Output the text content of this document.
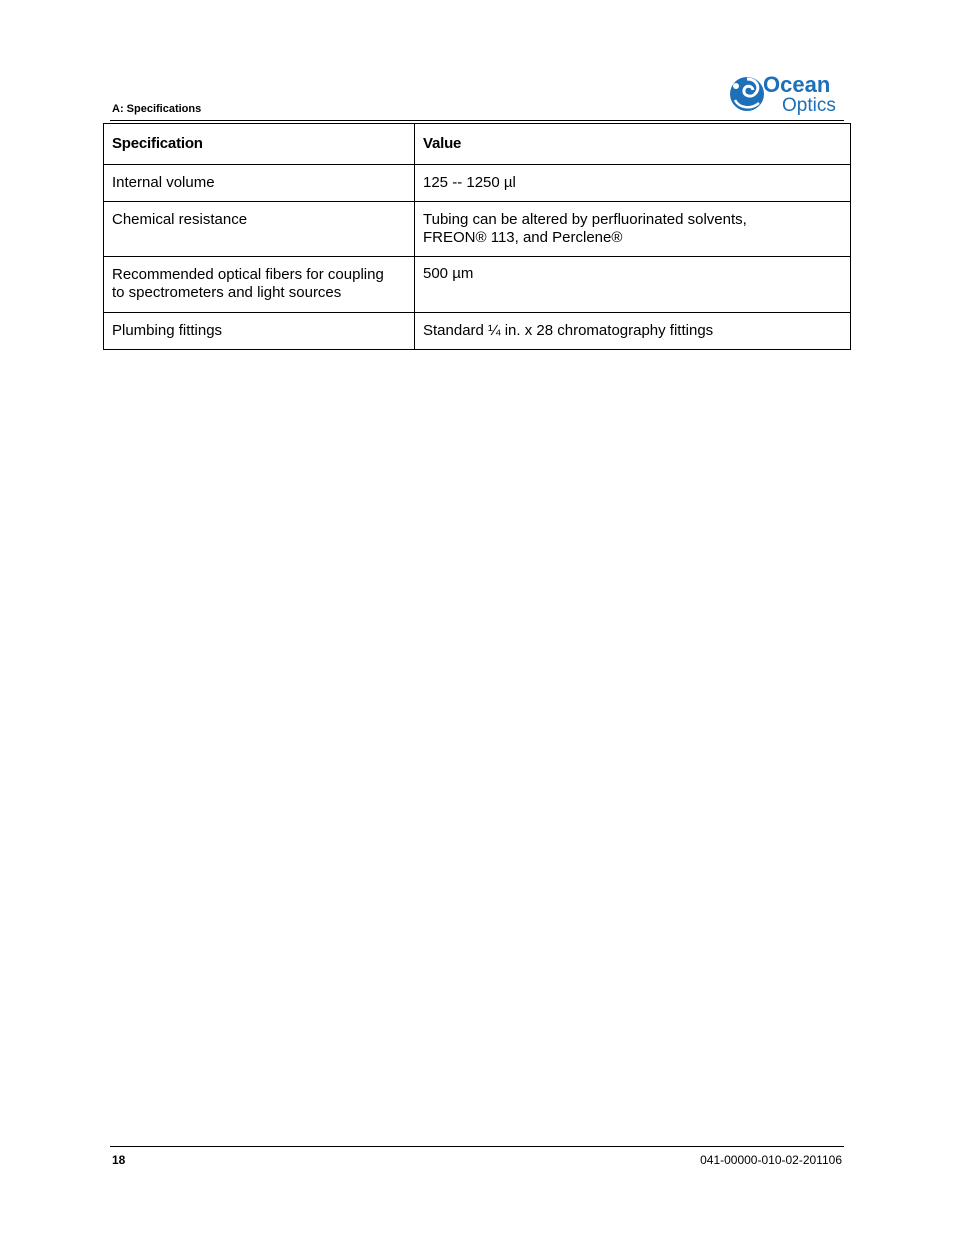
A: Specifications
Ocean
Optics
Specification	Value

Internal volume	125 -- 1250 µl

Chemical resistance	Tubing can be altered by perfluorinated solvents,
FREON® 113, and Perclene®

Recommended optical fibers for coupling
to spectrometers and light sources	500 µm

Plumbing fittings	Standard ¼ in. x 28 chromatography fittings
18	041-00000-010-02-201106
